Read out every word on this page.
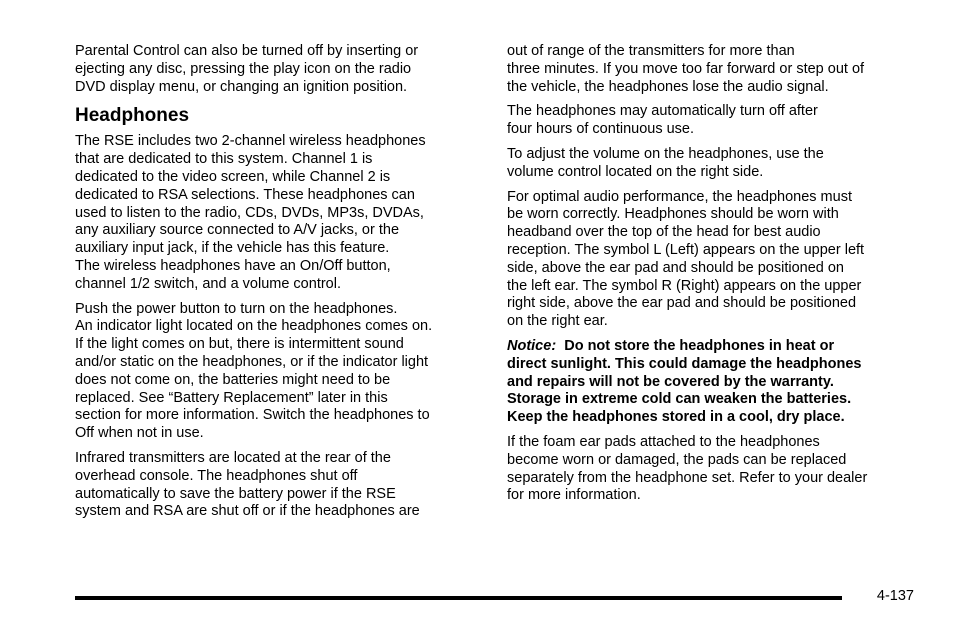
Parental Control can also be turned off by inserting or
ejecting any disc, pressing the play icon on the radio
DVD display menu, or changing an ignition position.

Headphones

The RSE includes two 2-channel wireless headphones
that are dedicated to this system. Channel 1 is
dedicated to the video screen, while Channel 2 is
dedicated to RSA selections. These headphones can
used to listen to the radio, CDs, DVDs, MP3s, DVDAs,
any auxiliary source connected to A/V jacks, or the
auxiliary input jack, if the vehicle has this feature.
The wireless headphones have an On/Off button,
channel 1/2 switch, and a volume control.

Push the power button to turn on the headphones.
An indicator light located on the headphones comes on.
If the light comes on but, there is intermittent sound
and/or static on the headphones, or if the indicator light
does not come on, the batteries might need to be
replaced. See “Battery Replacement” later in this
section for more information. Switch the headphones to
Off when not in use.

Infrared transmitters are located at the rear of the
overhead console. The headphones shut off
automatically to save the battery power if the RSE
system and RSA are shut off or if the headphones are

out of range of the transmitters for more than
three minutes. If you move too far forward or step out of
the vehicle, the headphones lose the audio signal.

The headphones may automatically turn off after
four hours of continuous use.

To adjust the volume on the headphones, use the
volume control located on the right side.

For optimal audio performance, the headphones must
be worn correctly. Headphones should be worn with
headband over the top of the head for best audio
reception. The symbol L (Left) appears on the upper left
side, above the ear pad and should be positioned on
the left ear. The symbol R (Right) appears on the upper
right side, above the ear pad and should be positioned
on the right ear.

Notice: Do not store the headphones in heat or
direct sunlight. This could damage the headphones
and repairs will not be covered by the warranty.
Storage in extreme cold can weaken the batteries.
Keep the headphones stored in a cool, dry place.

If the foam ear pads attached to the headphones
become worn or damaged, the pads can be replaced
separately from the headphone set. Refer to your dealer
for more information.

4-137
